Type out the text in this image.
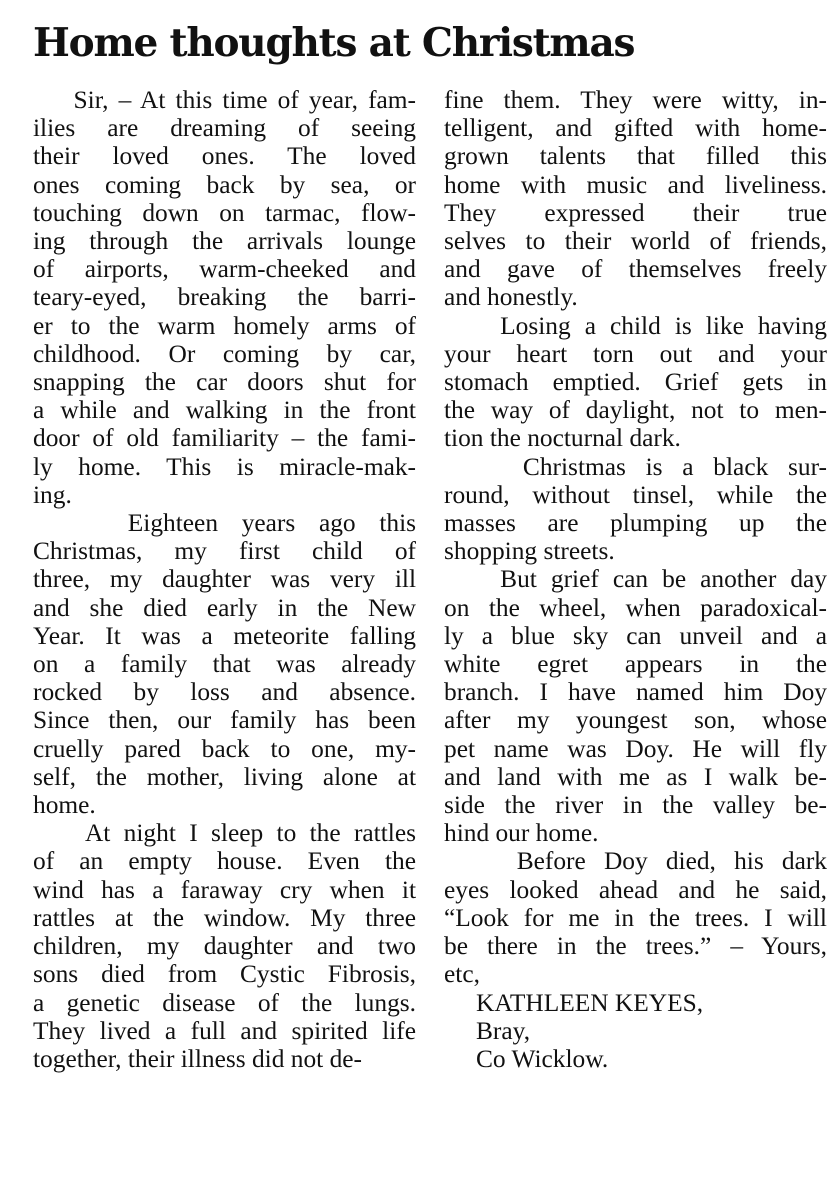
Home thoughts at Christmas

Sir, – At this time of year, fam-
ilies are dreaming of seeing
their loved ones. The loved
ones coming back by sea, or
touching down on tarmac, flow-
ing through the arrivals lounge
of airports, warm-cheeked and
teary-eyed, breaking the barri-
er to the warm homely arms of
childhood. Or coming by car,
snapping the car doors shut for
a while and walking in the front
door of old familiarity – the fami-
ly home. This is miracle-mak-
ing.

Eighteen years ago this
Christmas, my first child of
three, my daughter was very ill
and she died early in the New
Year. It was a meteorite falling
on a family that was already
rocked by loss and absence.
Since then, our family has been
cruelly pared back to one, my-
self, the mother, living alone at
home.

At night I sleep to the rattles
of an empty house. Even the
wind has a faraway cry when it
rattles at the window. My three
children, my daughter and two
sons died from Cystic Fibrosis,
a genetic disease of the lungs.
They lived a full and spirited life
together, their illness did not de-

fine them. They were witty, in-
telligent, and gifted with home-
grown talents that filled this
home with music and liveliness.
They expressed their true
selves to their world of friends,
and gave of themselves freely
and honestly.

Losing a child is like having
your heart torn out and your
stomach emptied. Grief gets in
the way of daylight, not to men-
tion the nocturnal dark.

Christmas is a black sur-
round, without tinsel, while the
masses are plumping up the
shopping streets.

But grief can be another day
on the wheel, when paradoxical-
ly a blue sky can unveil and a
white egret appears in the
branch. I have named him Doy
after my youngest son, whose
pet name was Doy. He will fly
and land with me as I walk be-
side the river in the valley be-
hind our home.

Before Doy died, his dark
eyes looked ahead and he said,
“Look for me in the trees. I will
be there in the trees.” – Yours,
etc,

KATHLEEN KEYES,
Bray,
Co Wicklow.
